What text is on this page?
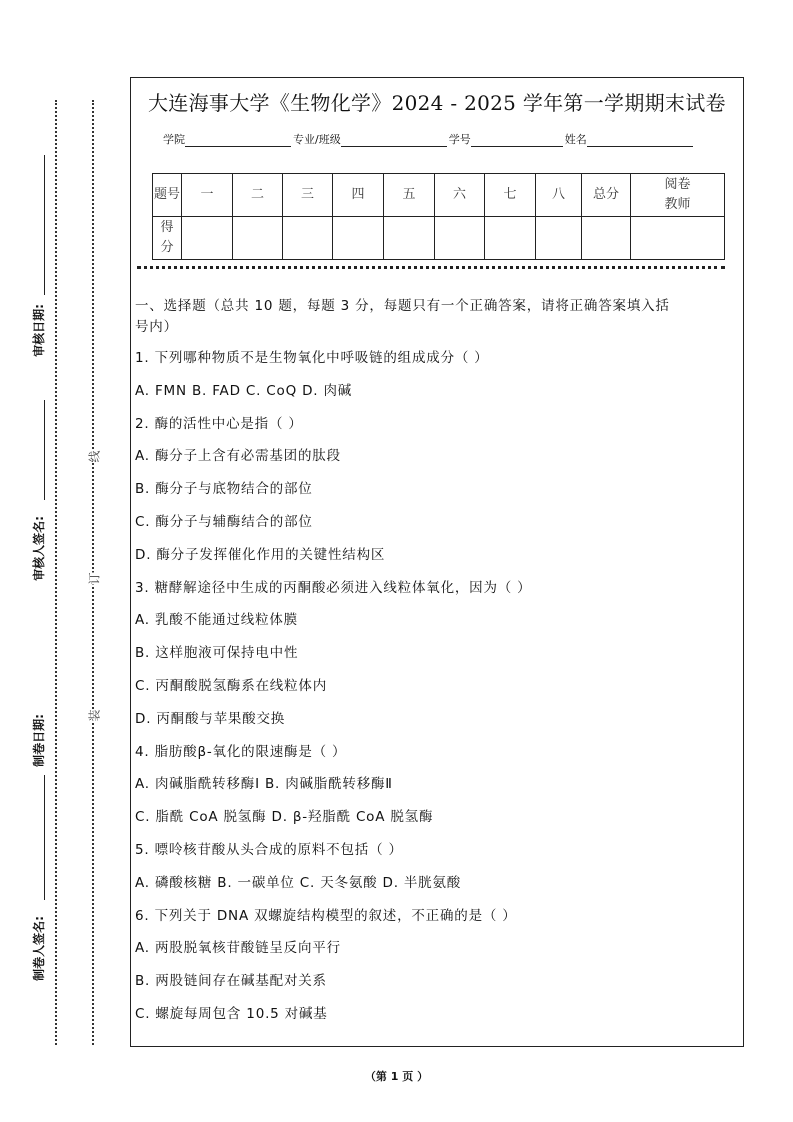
审核日期:
审核人签名:
制卷日期:
制卷人签名:
线
订
装
大连海事大学《生物化学》2024 - 2025 学年第一学期期末试卷
学院	专业/班级	学号	姓名
题号	一	二	三	四	五	六	七	八	总分	阅卷教师
得分										
一、选择题（总共 10 题，每题 3 分，每题只有一个正确答案，请将正确答案填入括
号内）
1. 下列哪种物质不是生物氧化中呼吸链的组成成分（ ）
A. FMN B. FAD C. CoQ D. 肉碱
2. 酶的活性中心是指（ ）
A. 酶分子上含有必需基团的肽段
B. 酶分子与底物结合的部位
C. 酶分子与辅酶结合的部位
D. 酶分子发挥催化作用的关键性结构区
3. 糖酵解途径中生成的丙酮酸必须进入线粒体氧化，因为（ ）
A. 乳酸不能通过线粒体膜
B. 这样胞液可保持电中性
C. 丙酮酸脱氢酶系在线粒体内
D. 丙酮酸与苹果酸交换
4. 脂肪酸β-氧化的限速酶是（ ）
A. 肉碱脂酰转移酶Ⅰ B. 肉碱脂酰转移酶Ⅱ
C. 脂酰 CoA 脱氢酶 D. β-羟脂酰 CoA 脱氢酶
5. 嘌呤核苷酸从头合成的原料不包括（ ）
A. 磷酸核糖 B. 一碳单位 C. 天冬氨酸 D. 半胱氨酸
6. 下列关于 DNA 双螺旋结构模型的叙述，不正确的是（ ）
A. 两股脱氧核苷酸链呈反向平行
B. 两股链间存在碱基配对关系
C. 螺旋每周包含 10.5 对碱基
（第 1 页 ）
